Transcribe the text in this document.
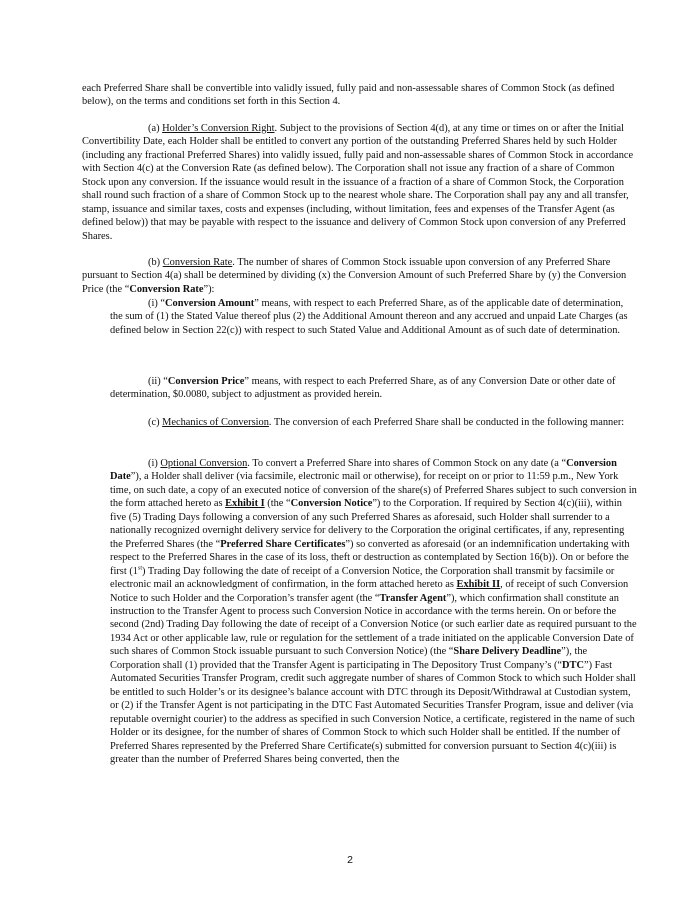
each Preferred Share shall be convertible into validly issued, fully paid and non-assessable shares of Common Stock (as defined below), on the terms and conditions set forth in this Section 4.

(a) Holder’s Conversion Right. Subject to the provisions of Section 4(d), at any time or times on or after the Initial Convertibility Date, each Holder shall be entitled to convert any portion of the outstanding Preferred Shares held by such Holder (including any fractional Preferred Shares) into validly issued, fully paid and non-assessable shares of Common Stock in accordance with Section 4(c) at the Conversion Rate (as defined below). The Corporation shall not issue any fraction of a share of Common Stock upon any conversion. If the issuance would result in the issuance of a fraction of a share of Common Stock, the Corporation shall round such fraction of a share of Common Stock up to the nearest whole share. The Corporation shall pay any and all transfer, stamp, issuance and similar taxes, costs and expenses (including, without limitation, fees and expenses of the Transfer Agent (as defined below)) that may be payable with respect to the issuance and delivery of Common Stock upon conversion of any Preferred Shares.

(b) Conversion Rate. The number of shares of Common Stock issuable upon conversion of any Preferred Share pursuant to Section 4(a) shall be determined by dividing (x) the Conversion Amount of such Preferred Share by (y) the Conversion Price (the “Conversion Rate”):

(i) “Conversion Amount” means, with respect to each Preferred Share, as of the applicable date of determination, the sum of (1) the Stated Value thereof plus (2) the Additional Amount thereon and any accrued and unpaid Late Charges (as defined below in Section 22(c)) with respect to such Stated Value and Additional Amount as of such date of determination.

(ii) “Conversion Price” means, with respect to each Preferred Share, as of any Conversion Date or other date of determination, $0.0080, subject to adjustment as provided herein.

(c) Mechanics of Conversion. The conversion of each Preferred Share shall be conducted in the following manner:

(i) Optional Conversion. To convert a Preferred Share into shares of Common Stock on any date (a “Conversion Date”), a Holder shall deliver (via facsimile, electronic mail or otherwise), for receipt on or prior to 11:59 p.m., New York time, on such date, a copy of an executed notice of conversion of the share(s) of Preferred Shares subject to such conversion in the form attached hereto as Exhibit I (the “Conversion Notice”) to the Corporation. If required by Section 4(c)(iii), within five (5) Trading Days following a conversion of any such Preferred Shares as aforesaid, such Holder shall surrender to a nationally recognized overnight delivery service for delivery to the Corporation the original certificates, if any, representing the Preferred Shares (the “Preferred Share Certificates”) so converted as aforesaid (or an indemnification undertaking with respect to the Preferred Shares in the case of its loss, theft or destruction as contemplated by Section 16(b)). On or before the first (1st) Trading Day following the date of receipt of a Conversion Notice, the Corporation shall transmit by facsimile or electronic mail an acknowledgment of confirmation, in the form attached hereto as Exhibit II, of receipt of such Conversion Notice to such Holder and the Corporation’s transfer agent (the “Transfer Agent”), which confirmation shall constitute an instruction to the Transfer Agent to process such Conversion Notice in accordance with the terms herein. On or before the second (2nd) Trading Day following the date of receipt of a Conversion Notice (or such earlier date as required pursuant to the 1934 Act or other applicable law, rule or regulation for the settlement of a trade initiated on the applicable Conversion Date of such shares of Common Stock issuable pursuant to such Conversion Notice) (the “Share Delivery Deadline”), the Corporation shall (1) provided that the Transfer Agent is participating in The Depository Trust Company’s (“DTC”) Fast Automated Securities Transfer Program, credit such aggregate number of shares of Common Stock to which such Holder shall be entitled to such Holder’s or its designee’s balance account with DTC through its Deposit/Withdrawal at Custodian system, or (2) if the Transfer Agent is not participating in the DTC Fast Automated Securities Transfer Program, issue and deliver (via reputable overnight courier) to the address as specified in such Conversion Notice, a certificate, registered in the name of such Holder or its designee, for the number of shares of Common Stock to which such Holder shall be entitled. If the number of Preferred Shares represented by the Preferred Share Certificate(s) submitted for conversion pursuant to Section 4(c)(iii) is greater than the number of Preferred Shares being converted, then the

2
